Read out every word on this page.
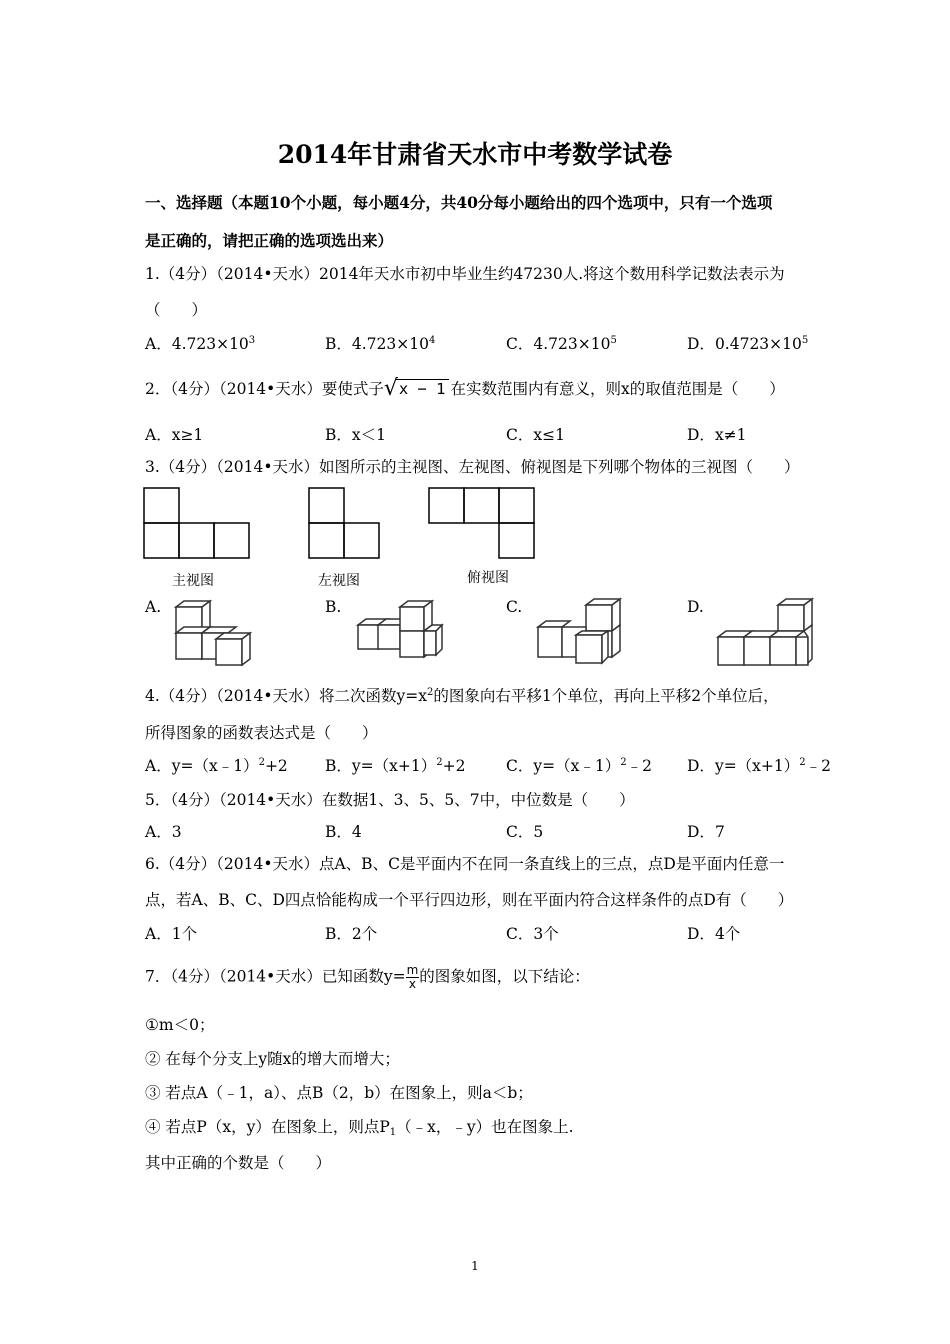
2014年甘肃省天水市中考数学试卷
一、选择题（本题10个小题，每小题4分，共40分每小题给出的四个选项中，只有一个选项
是正确的，请把正确的选项选出来）
1.（4分）（2014•天水）2014年天水市初中毕业生约47230人.将这个数用科学记数法表示为
（　　）
A．$4.723\times 10^3$	B．$4.723\times 10^4$	C．$4.723\times 10^5$	D．$0.4723\times 10^5$
2．（4分）（2014•天水）要使式子 √ x − 1 在实数范围内有意义，则x的取值范围是（　　）
A．x≥1	B．x＜1	C．x≤1	D．x≠1
3.（4分）（2014•天水）如图所示的主视图、左视图、俯视图是下列哪个物体的三视图（　　）
主视图	左视图	俯视图
A.	B.	C.	D.
4.（4分）（2014•天水）将二次函数$y=x^2$的图象向右平移1个单位，再向上平移2个单位后，
所得图象的函数表达式是（　　）
A．y=（x﹣1）$^2$+2 B．$y=(x+1)^2+2$	C．y=（x﹣1）$^2$﹣2 D．$y=(x+1)^2﹣2$
5．（4分）（2014•天水）在数据1、3、5、5、7中，中位数是（　　）
A．3	B．4	C．5	D．7
6.（4分）（2014•天水）点A、B、C是平面内不在同一条直线上的三点，点D是平面内任意一
点，若A、B、C、D四点恰能构成一个平行四边形，则在平面内符合这样条件的点D有（　　）
A．1个	B．2个	C．3个	D．4个
7．（4分）（2014•天水）已知函数$y= \frac{m}{x}$ 的图象如图，以下结论：
①m＜0；
② 在每个分支上y随x的增大而增大；
③ 若点A（﹣1，a）、点B（2，b）在图象上，则a＜b；
④ 若点P（x，y）在图象上，则点$P_1(﹣x$，﹣y）也在图象上.
其中正确的个数是（　　）
1
